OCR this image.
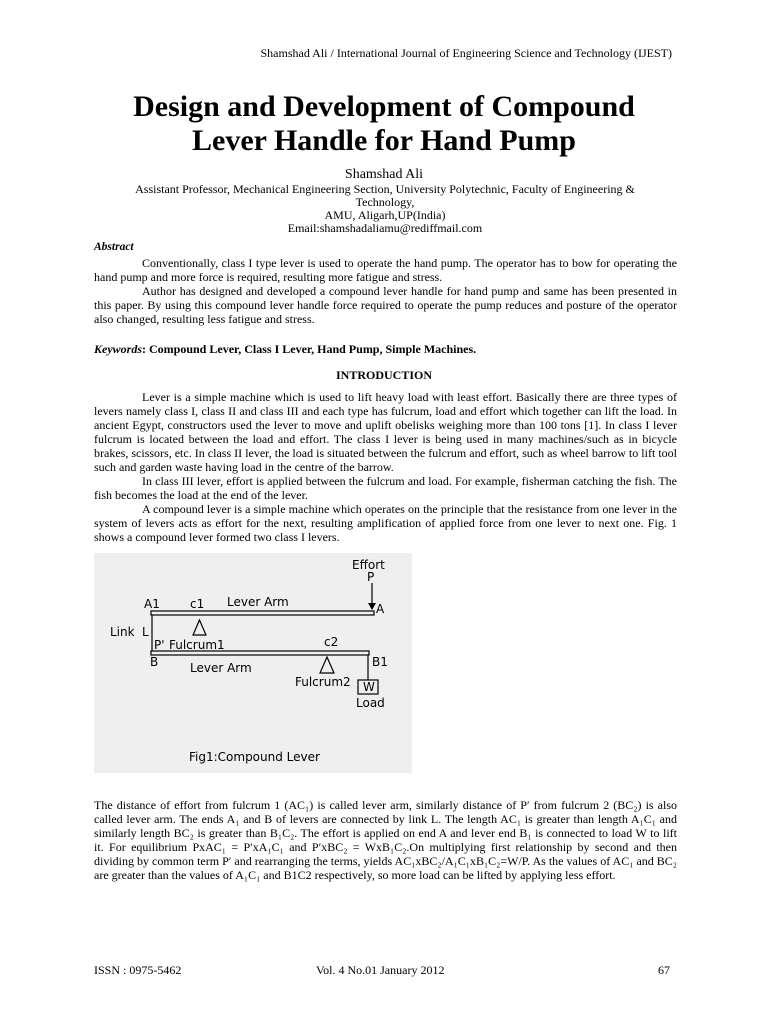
Shamshad Ali / International Journal of Engineering Science and Technology (IJEST)
Design and Development of Compound
Lever Handle for Hand Pump
Shamshad Ali
Assistant Professor, Mechanical Engineering Section, University Polytechnic, Faculty of Engineering &
Technology,
AMU, Aligarh,UP(India)
Email:shamshadaliamu@rediffmail.com
Abstract

Conventionally, class I type lever is used to operate the hand pump. The operator has to bow for operating the hand pump and more force is required, resulting more fatigue and stress.

Author has designed and developed a compound lever handle for hand pump and same has been presented in this paper. By using this compound lever handle force required to operate the pump reduces and posture of the operator also changed, resulting less fatigue and stress.

Keywords: Compound Lever, Class I Lever, Hand Pump, Simple Machines.
INTRODUCTION

Lever is a simple machine which is used to lift heavy load with least effort. Basically there are three types of levers namely class I, class II and class III and each type has fulcrum, load and effort which together can lift the load. In ancient Egypt, constructors used the lever to move and uplift obelisks weighing more than 100 tons [1]. In class I lever fulcrum is located between the load and effort. The class I lever is being used in many machines/such as in bicycle brakes, scissors, etc. In class II lever, the load is situated between the fulcrum and effort, such as wheel barrow to lift tool such and garden waste having load in the centre of the barrow.

In class III lever, effort is applied between the fulcrum and load. For example, fisherman catching the fish. The fish becomes the load at the end of the lever.

A compound lever is a simple machine which operates on the principle that the resistance from one lever in the system of levers acts as effort for the next, resulting amplification of applied force from one lever to next one. Fig. 1 shows a compound lever formed two class I levers.

Effort
P
A1	c1 Lever Arm	A
Link L
P' Fulcrum1	c2
B	Lever Arm	B1
Fulcrum2 W
Load
Fig1:Compound Lever

The distance of effort from fulcrum 1 (AC₁) is called lever arm, similarly distance of P′ from fulcrum 2 (BC₂) is also called lever arm. The ends A₁ and B of levers are connected by link L. The length AC₁ is greater than length A₁C₁ and similarly length BC₂ is greater than B₁C₂. The effort is applied on end A and lever end B₁ is connected to load W to lift it. For equilibrium PxAC₁ = P′xA₁C₁ and P′xBC₂ = WxB₁C₂.On multiplying first relationship by second and then dividing by common term P′ and rearranging the terms, yields AC₁xBC₂/A₁C₁xB₁C₂=W/P. As the values of AC₁ and BC₂ are greater than the values of A₁C₁ and B1C2 respectively, so more load can be lifted by applying less effort.

ISSN : 0975-5462	Vol. 4 No.01 January 2012	67
